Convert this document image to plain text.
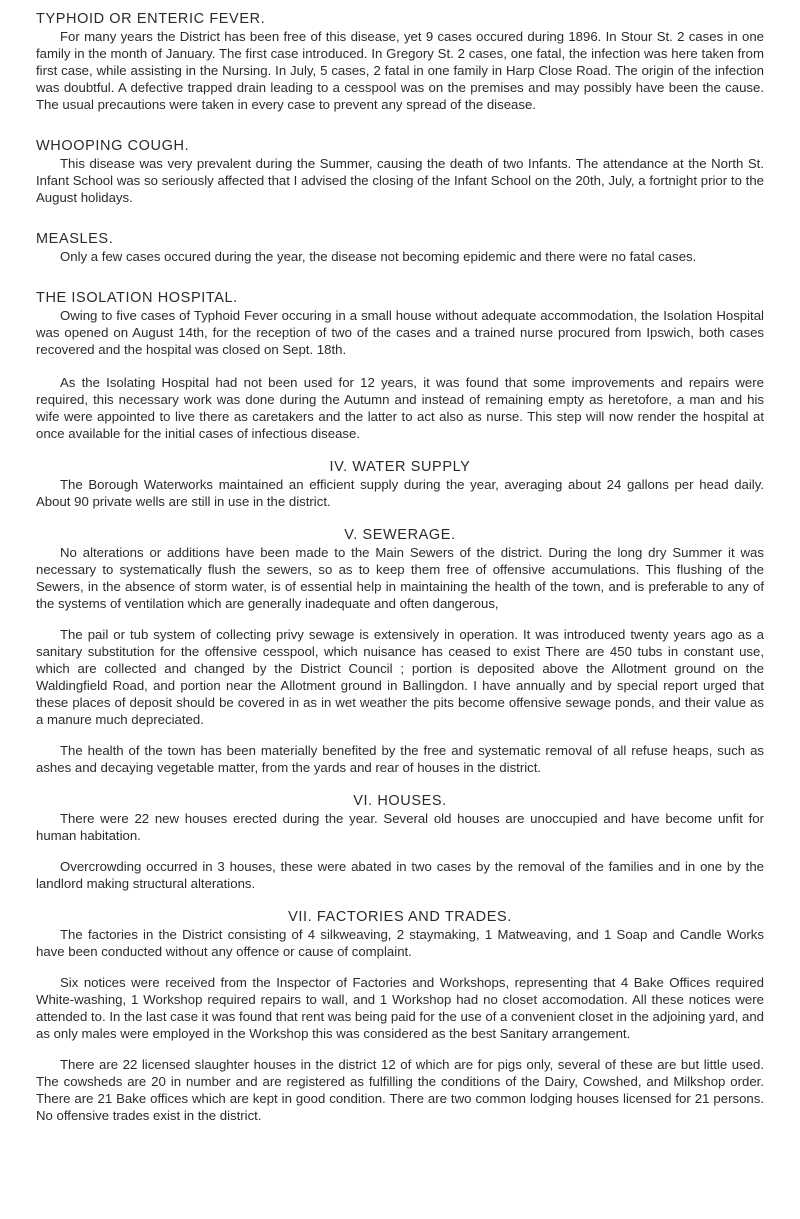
TYPHOID OR ENTERIC FEVER.

For many years the District has been free of this disease, yet 9 cases occured during 1896. In Stour St. 2 cases in one family in the month of January. The first case introduced. In Gregory St. 2 cases, one fatal, the infection was here taken from first case, while assisting in the Nursing. In July, 5 cases, 2 fatal in one family in Harp Close Road. The origin of the infection was doubtful. A defective trapped drain leading to a cesspool was on the premises and may possibly have been the cause. The usual precautions were taken in every case to prevent any spread of the disease.

WHOOPING COUGH.

This disease was very prevalent during the Summer, causing the death of two Infants. The attendance at the North St. Infant School was so seriously affected that I advised the closing of the Infant School on the 20th, July, a fortnight prior to the August holidays.

MEASLES.

Only a few cases occured during the year, the disease not becoming epidemic and there were no fatal cases.

THE ISOLATION HOSPITAL.

Owing to five cases of Typhoid Fever occuring in a small house without adequate accommodation, the Isolation Hospital was opened on August 14th, for the reception of two of the cases and a trained nurse procured from Ipswich, both cases recovered and the hospital was closed on Sept. 18th.

As the Isolating Hospital had not been used for 12 years, it was found that some improvements and repairs were required, this necessary work was done during the Autumn and instead of remaining empty as heretofore, a man and his wife were appointed to live there as caretakers and the latter to act also as nurse. This step will now render the hospital at once available for the initial cases of infectious disease.

IV. WATER SUPPLY

The Borough Waterworks maintained an efficient supply during the year, averaging about 24 gallons per head daily. About 90 private wells are still in use in the district.

V. SEWERAGE.

No alterations or additions have been made to the Main Sewers of the district. During the long dry Summer it was necessary to systematically flush the sewers, so as to keep them free of offensive accumulations. This flushing of the Sewers, in the absence of storm water, is of essential help in maintaining the health of the town, and is preferable to any of the systems of ventilation which are generally inadequate and often dangerous,

The pail or tub system of collecting privy sewage is extensively in operation. It was introduced twenty years ago as a sanitary substitution for the offensive cesspool, which nuisance has ceased to exist There are 450 tubs in constant use, which are collected and changed by the District Council ; portion is deposited above the Allotment ground on the Waldingfield Road, and portion near the Allotment ground in Ballingdon. I have annually and by special report urged that these places of deposit should be covered in as in wet weather the pits become offensive sewage ponds, and their value as a manure much depreciated.

The health of the town has been materially benefited by the free and systematic removal of all refuse heaps, such as ashes and decaying vegetable matter, from the yards and rear of houses in the district.

VI. HOUSES.

There were 22 new houses erected during the year. Several old houses are unoccupied and have become unfit for human habitation.

Overcrowding occurred in 3 houses, these were abated in two cases by the removal of the families and in one by the landlord making structural alterations.

VII. FACTORIES AND TRADES.

The factories in the District consisting of 4 silkweaving, 2 staymaking, 1 Matweaving, and 1 Soap and Candle Works have been conducted without any offence or cause of complaint.

Six notices were received from the Inspector of Factories and Workshops, representing that 4 Bake Offices required White-washing, 1 Workshop required repairs to wall, and 1 Workshop had no closet accomodation. All these notices were attended to. In the last case it was found that rent was being paid for the use of a convenient closet in the adjoining yard, and as only males were employed in the Workshop this was considered as the best Sanitary arrangement.

There are 22 licensed slaughter houses in the district 12 of which are for pigs only, several of these are but little used. The cowsheds are 20 in number and are registered as fulfilling the conditions of the Dairy, Cowshed, and Milkshop order. There are 21 Bake offices which are kept in good condition. There are two common lodging houses licensed for 21 persons. No offensive trades exist in the district.
